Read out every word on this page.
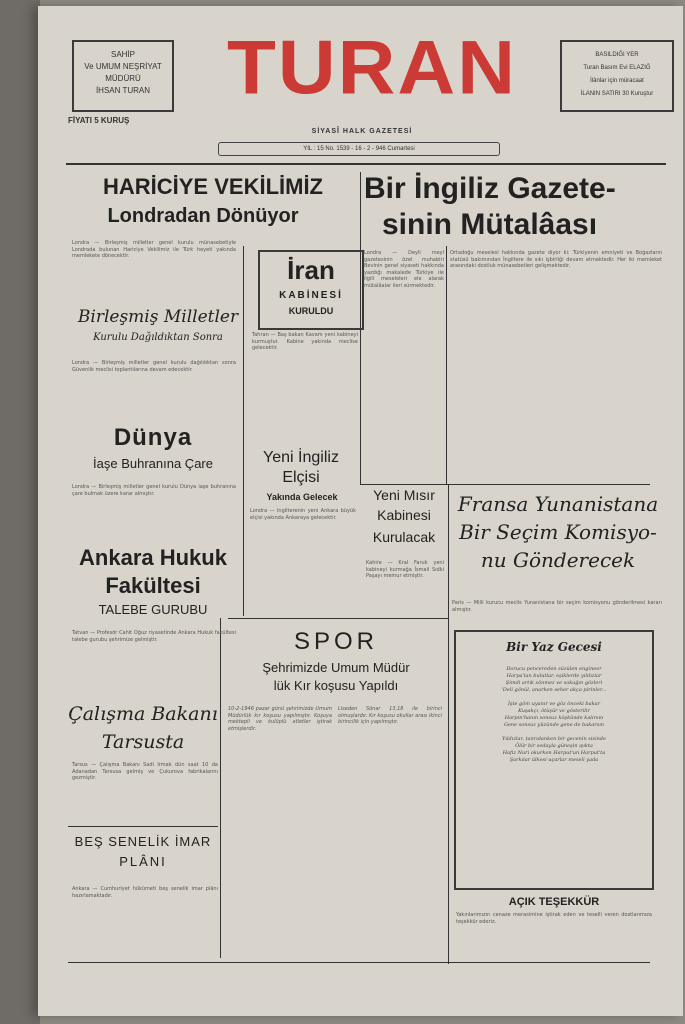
SAHİP
Ve UMUM NEŞRİYAT
MÜDÜRÜ
İHSAN TURAN TURAN	BASILDIĞI YER
Turan Basım Evi ELAZIĞ
İlânlar için müracaat
İLANIN SATIRI 30 Kuruştur
FİYATI 5 KURUŞ
SİYASÎ HALK GAZETESİ
YIL : 15 No. 1539 - 16 - 2 - 946 Cumartesi
HARİCİYE VEKİLİMİZ
Londradan Dönüyor
Londra — Birleşmiş milletler genel kurulu münasebetiyle Londrada bulunan Hariciye Vekilimiz ile Türk heyeti yakında memlekete dönecektir.
Bir İngiliz Gazete-
sinin Mütalâası
Londra — Deyli meyl gazetesinin özel muhabiri Bevinin genel siyaseti hakkında yazdığı makalede Türkiye ile ilgili meseleleri ele alarak mütalâalar ileri sürmektedir.
Ortadoğu meselesi hakkında gazete diyor ki: Türkiyenin emniyeti ve Boğazların statüsü bakımından İngiltere ile sıkı işbirliği devam etmektedir. Her iki memleket arasındaki dostluk münasebetleri gelişmektedir.
Birleşmiş Milletler
Kurulu Dağıldıktan Sonra
Londra — Birleşmiş milletler genel kurulu dağıldıktan sonra Güvenlik meclisi toplantılarına devam edecektir.
İran
KABİNESİ
KURULDU
Tahran — Baş bakan Kavam yeni kabineyi kurmuştur. Kabine yakında meclise gelecektir.
Dünya
İaşe Buhranına Çare
Londra — Birleşmiş milletler genel kurulu Dünya iaşe buhranına çare bulmak üzere karar almıştır.
Yeni İngiliz
Elçisi
Yakında Gelecek
Londra — İngilterenin yeni Ankara büyük elçisi yakında Ankaraya gelecektir.
Yeni Mısır
Kabinesi
Kurulacak
Kahire — Kral Faruk yeni kabineyi kurmağa İsmail Sıdki Paşayı memur etmiştir.
Fransa Yunanistana
Bir Seçim Komisyo-
nu Gönderecek
Paris — Milli kurucu meclis Yunanistana bir seçim komisyonu gönderilmesi kararı almıştır.
Ankara Hukuk
Fakültesi
TALEBE GURUBU
Tatvan — Profesör Cahit Oğuz riyasetinde Ankara Hukuk fakültesi talebe gurubu şehrimize gelmiştir.	SPOR
Şehrimizde Umum Müdür
lük Kır koşusu Yapıldı
10-2-1946 pazar günü şehrimizde Umum Müdürlük kır koşusu yapılmıştır. Koşuya mektepli ve kulüplü atletler iştirak etmişlerdir.
Liseden Sönar 13,18 ile birinci olmuşlardır. Kır koşusu okullar arası ikinci birincilik için yapılmıştır.
Bir Yaz Gecesi
Dorucu pencereden süzülen engineer
Harpa'lan bulutlar, eşiklerde yıldızlar
Şimdi artık sönmez ve sokağın gözleri
'Deli gönül, anarken seher akça pirinler...

İşte göm uyanır ve göz önceki bakar
Kuşakçı, ötüşür ve gösterilir
Harpin'hanın sonsuz köşkünde kalırsın
Gene sonsuz yüzünde gene de bakarsın

Yıldızlar, tanrıdanken bir gecenin sisinde
Ölür bir sedayla güneşin ışıkta
Hafiz Nuri okurken Harput'un Harput'ta
Şarkılar ülkesi uçarlar meseli yada
Çalışma Bakanı
Tarsusta
Tarsus — Çalışma Bakanı Sadi Irmak dün saat 10 da Adanadan Tarsusa gelmiş ve Çukurova fabrikalarını gezmiştir.
BEŞ SENELİK İMAR
PLÂNI
Ankara — Cumhuriyet hükümeti beş senelik imar plânı hazırlamaktadır.
AÇIK TEŞEKKÜR
Yakınlarımızın cenaze merasimine iştirak eden ve teselli veren dostlarımıza teşekkür ederiz.
